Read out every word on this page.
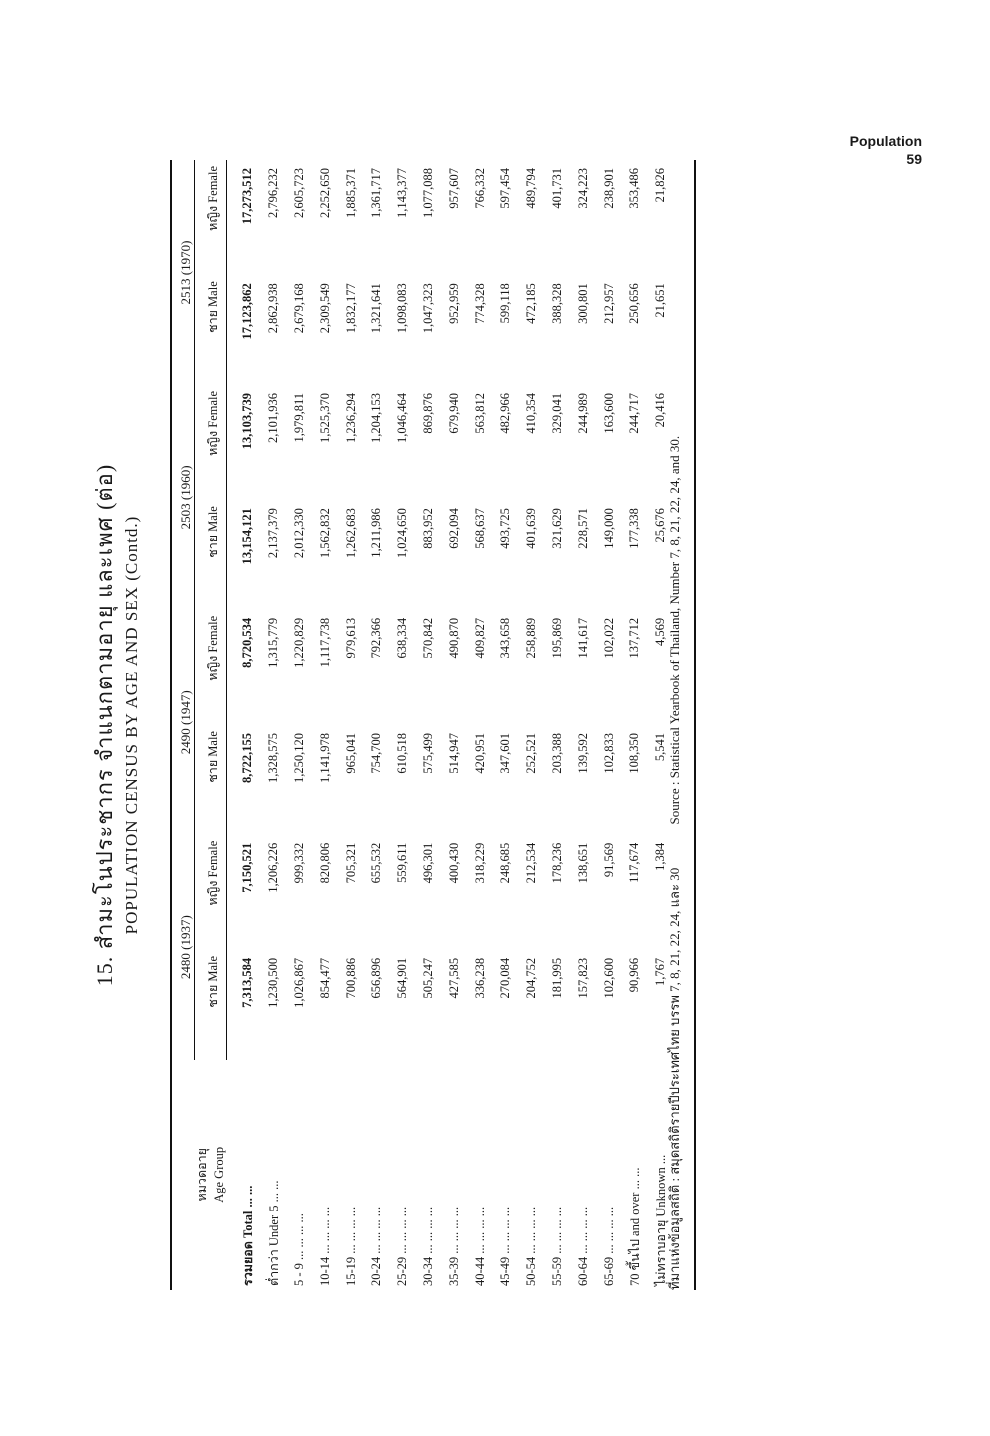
Population
59
15. สำมะโนประชากร จำแนกตามอายุ และเพศ (ต่อ) POPULATION CENSUS BY AGE AND SEX (Contd.)
หมวดอายุ Age Group	2480 (1937)		2490 (1947)		2503 (1960)		2513 (1970)	

	ชาย Male	หญิง Female	ชาย Male	หญิง Female	ชาย Male	หญิง Female	ชาย Male	หญิง Female

รวมยอด Total ... ...	7,313,584	7,150,521	8,722,155	8,720,534	13,154,121	13,103,739	17,123,862	17,273,512
ต่ำกว่า Under 5 ... ...	1,230,500	1,206,226	1,328,575	1,315,779	2,137,379	2,101,936	2,862,938	2,796,232
5 - 9 ... ... ... ...	1,026,867	999,332	1,250,120	1,220,829	2,012,330	1,979,811	2,679,168	2,605,723
10-14 ... ... ... ...	854,477	820,806	1,141,978	1,117,738	1,562,832	1,525,370	2,309,549	2,252,650
15-19 ... ... ... ...	700,886	705,321	965,041	979,613	1,262,683	1,236,294	1,832,177	1,885,371
20-24 ... ... ... ...	656,896	655,532	754,700	792,366	1,211,986	1,204,153	1,321,641	1,361,717
25-29 ... ... ... ...	564,901	559,611	610,518	638,334	1,024,650	1,046,464	1,098,083	1,143,377
30-34 ... ... ... ...	505,247	496,301	575,499	570,842	883,952	869,876	1,047,323	1,077,088
35-39 ... ... ... ...	427,585	400,430	514,947	490,870	692,094	679,940	952,959	957,607
40-44 ... ... ... ...	336,238	318,229	420,951	409,827	568,637	563,812	774,328	766,332
45-49 ... ... ... ...	270,084	248,685	347,601	343,658	493,725	482,966	599,118	597,454
50-54 ... ... ... ...	204,752	212,534	252,521	258,889	401,639	410,354	472,185	489,794
55-59 ... ... ... ...	181,995	178,236	203,388	195,869	321,629	329,041	388,328	401,731
60-64 ... ... ... ...	157,823	138,651	139,592	141,617	228,571	244,989	300,801	324,223
65-69 ... ... ... ...	102,600	91,569	102,833	102,022	149,000	163,600	212,957	238,901
70 ขึ้นไป and over ... ...	90,966	117,674	108,350	137,712	177,338	244,717	250,656	353,486
ไม่ทราบอายุ Unknown ...	1,767	1,384	5,541	4,569	25,676	20,416	21,651	21,826

ที่มาแห่งข้อมูลสถิติ : สมุดสถิติรายปีประเทศไทย บรรพ 7, 8, 21, 22, 24, และ 30 Source : Statistical Yearbook of Thailand, Number 7, 8, 21, 22, 24, and 30.
